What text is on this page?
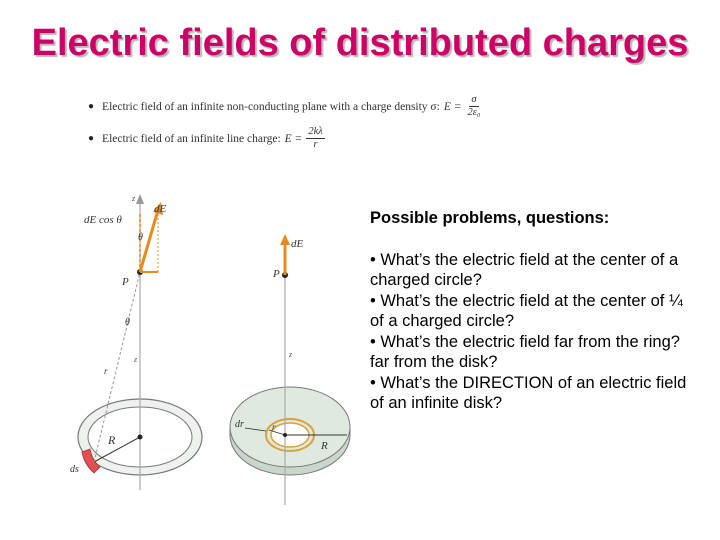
Electric fields of distributed charges
● Electric field of an infinite non-conducting plane with a charge density σ: $E = \frac{\sigma}{\text{2ε₀}}$
● Electric field of an infinite line charge: $E = \frac{2k\lambda}{r}$
dE cos θ
dE
θ
P
θ
z
z
r
R
ds
dE
P
z
dr	r
R
Possible problems, questions:
• What’s the electric field at the center of a charged circle?
• What’s the electric field at the center of ¼ of a charged circle?
• What’s the electric field far from the ring? far from the disk?
• What’s the DIRECTION of an electric field of an infinite disk?
